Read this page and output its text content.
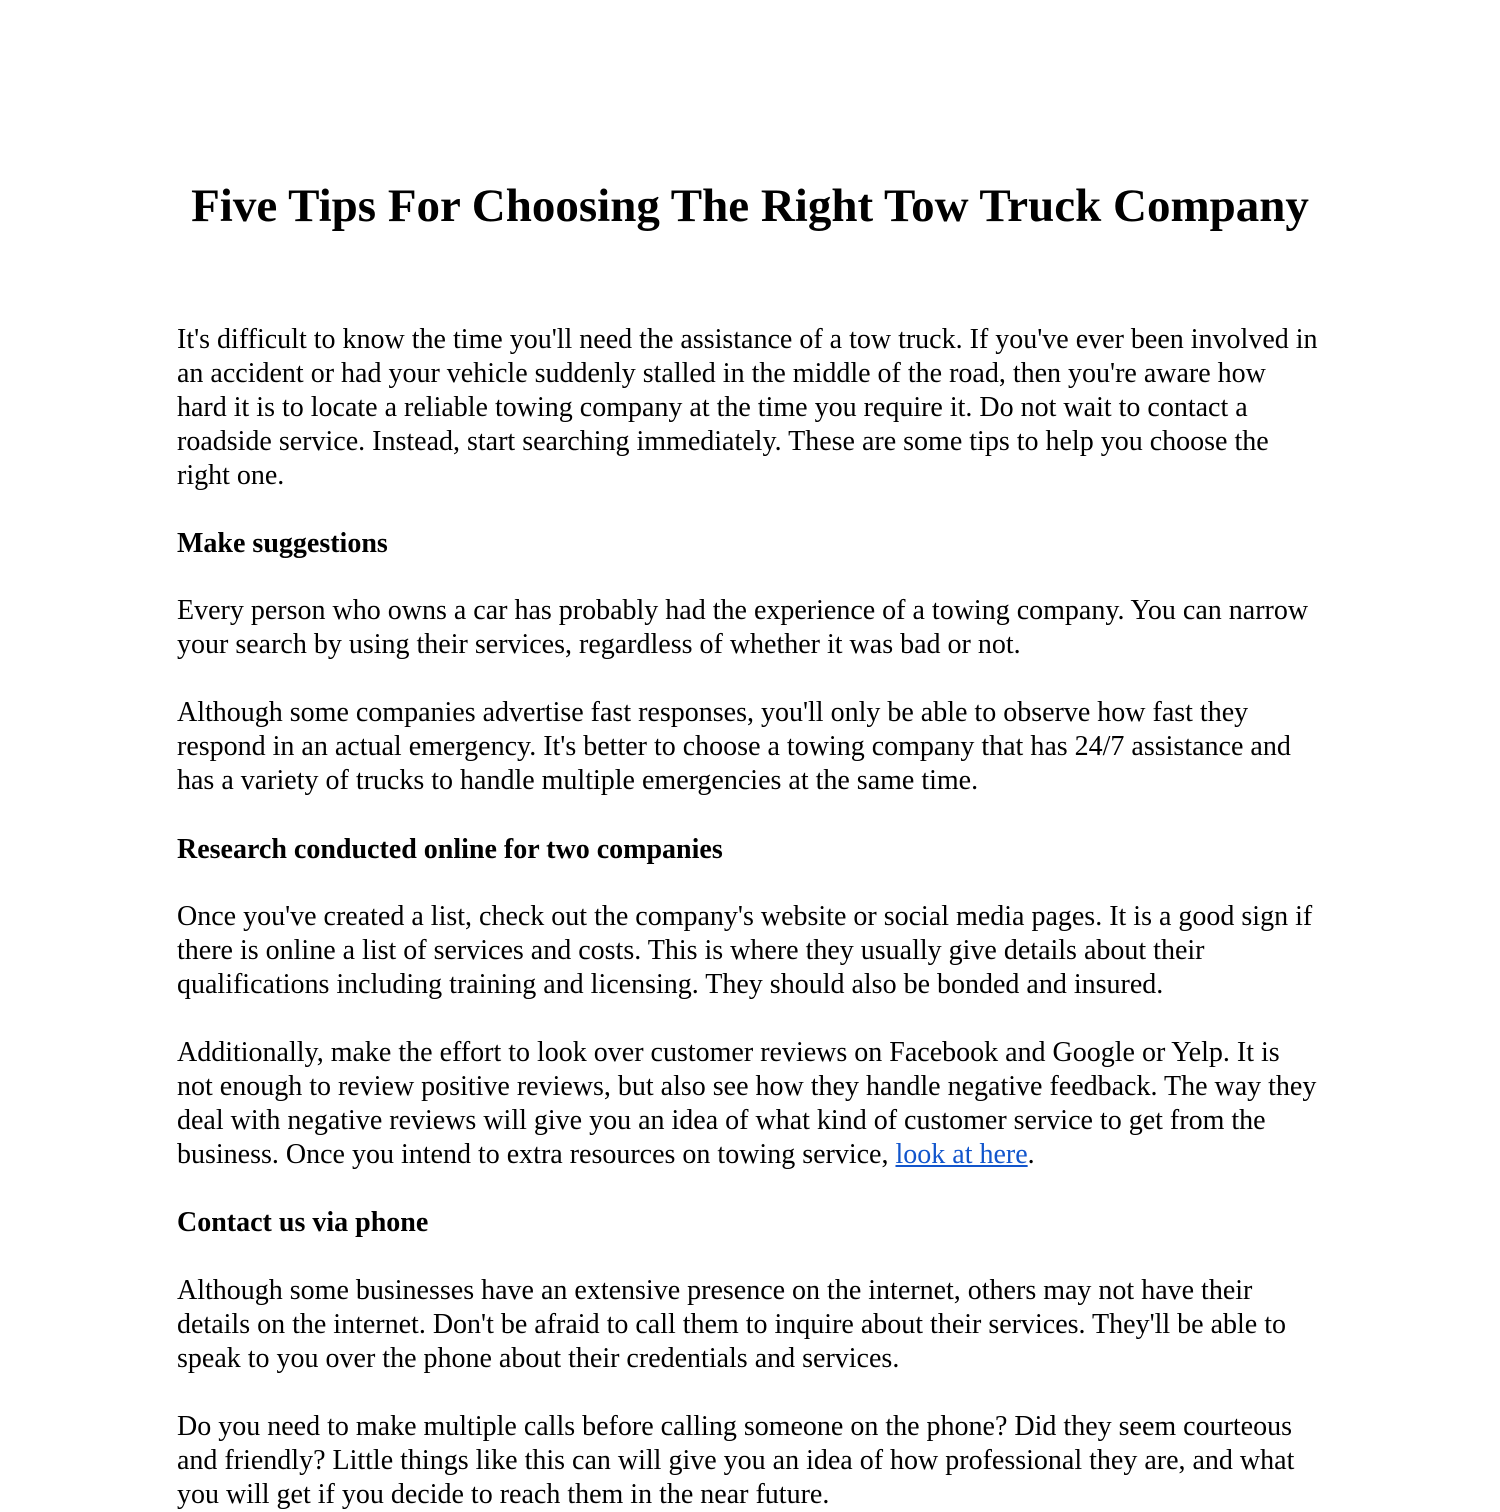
Five Tips For Choosing The Right Tow Truck Company

It's difficult to know the time you'll need the assistance of a tow truck. If you've ever been involved in an accident or had your vehicle suddenly stalled in the middle of the road, then you're aware how hard it is to locate a reliable towing company at the time you require it. Do not wait to contact a roadside service. Instead, start searching immediately. These are some tips to help you choose the right one.

Make suggestions

Every person who owns a car has probably had the experience of a towing company. You can narrow your search by using their services, regardless of whether it was bad or not.

Although some companies advertise fast responses, you'll only be able to observe how fast they respond in an actual emergency. It's better to choose a towing company that has 24/7 assistance and has a variety of trucks to handle multiple emergencies at the same time.

Research conducted online for two companies

Once you've created a list, check out the company's website or social media pages. It is a good sign if there is online a list of services and costs. This is where they usually give details about their qualifications including training and licensing. They should also be bonded and insured.

Additionally, make the effort to look over customer reviews on Facebook and Google or Yelp. It is not enough to review positive reviews, but also see how they handle negative feedback. The way they deal with negative reviews will give you an idea of what kind of customer service to get from the business. Once you intend to extra resources on towing service, look at here.

Contact us via phone

Although some businesses have an extensive presence on the internet, others may not have their details on the internet. Don't be afraid to call them to inquire about their services. They'll be able to speak to you over the phone about their credentials and services.

Do you need to make multiple calls before calling someone on the phone? Did they seem courteous and friendly? Little things like this can will give you an idea of how professional they are, and what you will get if you decide to reach them in the near future.
